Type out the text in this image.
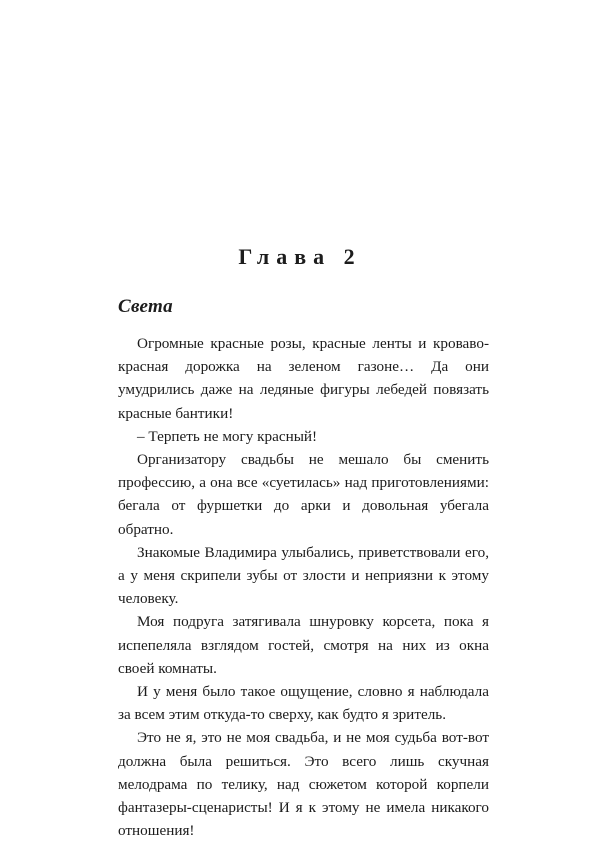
Глава 2
Света

Огромные красные розы, красные ленты и кроваво-красная дорожка на зеленом газоне… Да они умудрились даже на ледяные фигуры лебедей повязать красные бантики!

– Терпеть не могу красный!

Организатору свадьбы не мешало бы сменить профессию, а она все «суетилась» над приготовлениями: бегала от фуршетки до арки и довольная убегала обратно.

Знакомые Владимира улыбались, приветствовали его, а у меня скрипели зубы от злости и неприязни к этому человеку.

Моя подруга затягивала шнуровку корсета, пока я испепеляла взглядом гостей, смотря на них из окна своей комнаты.

И у меня было такое ощущение, словно я наблюдала за всем этим откуда-то сверху, как будто я зритель.

Это не я, это не моя свадьба, и не моя судьба вот-вот должна была решиться. Это всего лишь скучная мелодрама по телику, над сюжетом которой корпели фантазеры-сценаристы! И я к этому не имела никакого отношения!
